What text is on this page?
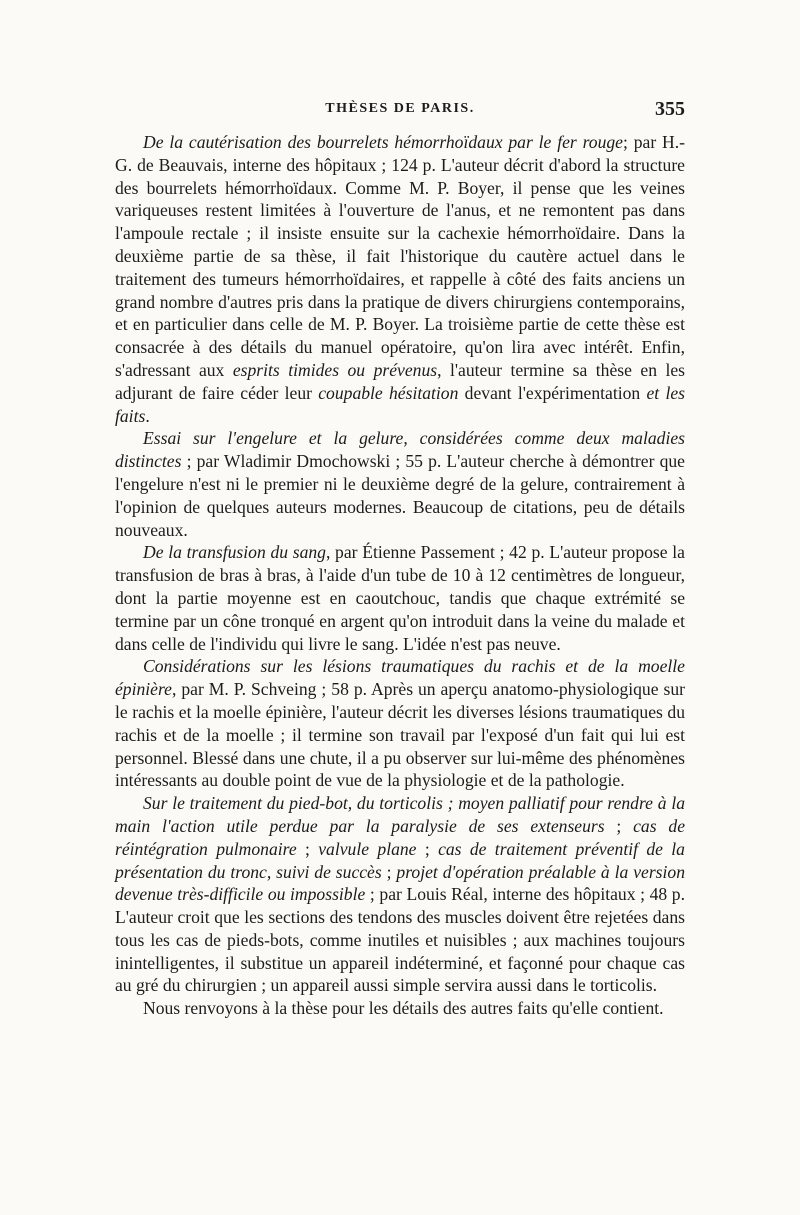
THÈSES DE PARIS.	355

De la cautérisation des bourrelets hémorrhoïdaux par le fer rouge; par H.-G. de Beauvais, interne des hôpitaux ; 124 p. L'auteur décrit d'abord la structure des bourrelets hémorrhoïdaux. Comme M. P. Boyer, il pense que les veines variqueuses restent limitées à l'ouverture de l'anus, et ne remontent pas dans l'ampoule rectale ; il insiste ensuite sur la cachexie hémorrhoïdaire. Dans la deuxième partie de sa thèse, il fait l'historique du cautère actuel dans le traitement des tumeurs hémorrhoïdaires, et rappelle à côté des faits anciens un grand nombre d'autres pris dans la pratique de divers chirurgiens contemporains, et en particulier dans celle de M. P. Boyer. La troisième partie de cette thèse est consacrée à des détails du manuel opératoire, qu'on lira avec intérêt. Enfin, s'adressant aux esprits timides ou prévenus, l'auteur termine sa thèse en les adjurant de faire céder leur coupable hésitation devant l'expérimentation et les faits.

Essai sur l'engelure et la gelure, considérées comme deux maladies distinctes ; par Wladimir Dmochowski ; 55 p. L'auteur cherche à démontrer que l'engelure n'est ni le premier ni le deuxième degré de la gelure, contrairement à l'opinion de quelques auteurs modernes. Beaucoup de citations, peu de détails nouveaux.

De la transfusion du sang, par Étienne Passement ; 42 p. L'auteur propose la transfusion de bras à bras, à l'aide d'un tube de 10 à 12 centimètres de longueur, dont la partie moyenne est en caoutchouc, tandis que chaque extrémité se termine par un cône tronqué en argent qu'on introduit dans la veine du malade et dans celle de l'individu qui livre le sang. L'idée n'est pas neuve.

Considérations sur les lésions traumatiques du rachis et de la moelle épinière, par M. P. Schveing ; 58 p. Après un aperçu anatomo-physiologique sur le rachis et la moelle épinière, l'auteur décrit les diverses lésions traumatiques du rachis et de la moelle ; il termine son travail par l'exposé d'un fait qui lui est personnel. Blessé dans une chute, il a pu observer sur lui-même des phénomènes intéressants au double point de vue de la physiologie et de la pathologie.

Sur le traitement du pied-bot, du torticolis ; moyen palliatif pour rendre à la main l'action utile perdue par la paralysie de ses extenseurs ; cas de réintégration pulmonaire ; valvule plane ; cas de traitement préventif de la présentation du tronc, suivi de succès ; projet d'opération préalable à la version devenue très-difficile ou impossible ; par Louis Réal, interne des hôpitaux ; 48 p. L'auteur croit que les sections des tendons des muscles doivent être rejetées dans tous les cas de pieds-bots, comme inutiles et nuisibles ; aux machines toujours inintelligentes, il substitue un appareil indéterminé, et façonné pour chaque cas au gré du chirurgien ; un appareil aussi simple servira aussi dans le torticolis.

Nous renvoyons à la thèse pour les détails des autres faits qu'elle contient.
